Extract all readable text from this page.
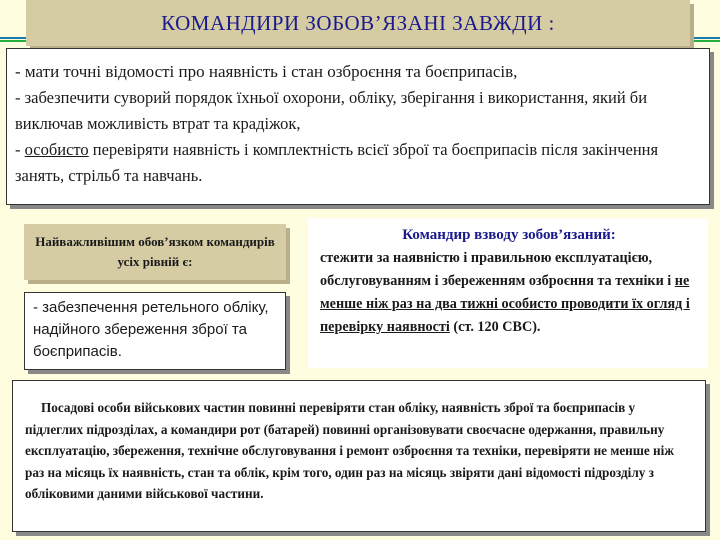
КОМАНДИРИ ЗОБОВ’ЯЗАНІ ЗАВЖДИ :

- мати точні відомості про наявність і стан озброєння та боєприпасів,

- забезпечити суворий порядок їхньої охорони, обліку, зберігання і використання, який би виключав можливість втрат та крадіжок,

- особисто перевіряти наявність і комплектність всієї зброї та боєприпасів після закінчення занять, стрільб та навчань.

Найважливішим обов’язком командирів усіх рівній є:
- забезпечення ретельного обліку, надійного збереження зброї та боєприпасів.
Командир взводу зобов’язаний:
стежити за наявністю і правильною експлуатацією, обслуговуванням і збереженням озброєння та техніки і не менше ніж раз на два тижні особисто проводити їх огляд і перевірку наявності (ст. 120 СВС).

Посадові особи військових частин повинні перевіряти стан обліку, наявність зброї та боєприпасів у підлеглих підрозділах, а командири рот (батарей) повинні організовувати своєчасне одержання, правильну експлуатацію, збереження, технічне обслуговування і ремонт озброєння та техніки, перевіряти не менше ніж раз на місяць їх наявність, стан та облік, крім того, один раз на місяць звіряти дані відомості підрозділу з обліковими даними військової частини.
